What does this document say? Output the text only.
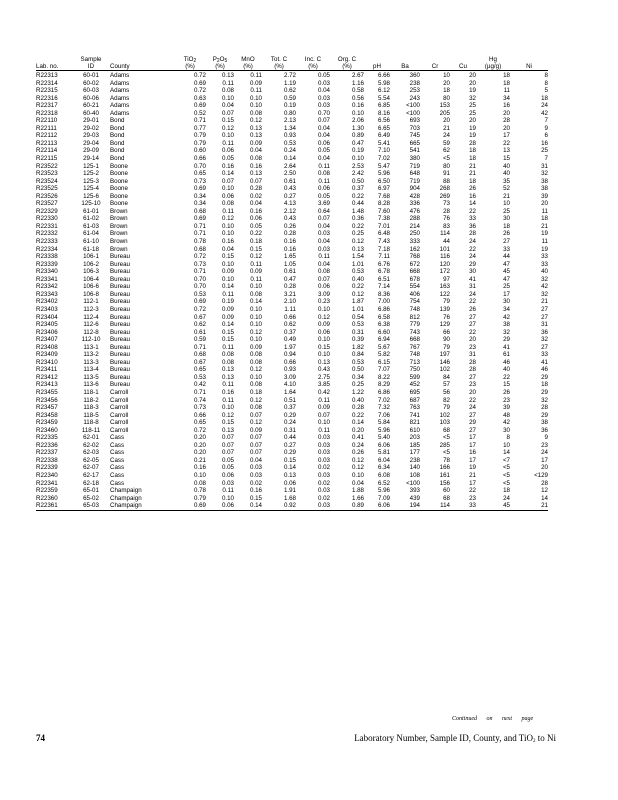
	Sample		TiO$_2$	$P_2O_5$	MnO	Tot. C	Inc. C	Org. C					Hg	
Lab. no.	ID	County	(%)	(%)	(%)	(%)	(%)	(%)	pH	Ba	Cr	Cu	(µg/g)	Ni
R22313	60-01	Adams	0.72	0.13	0.11	2.72	0.05	2.67	6.66	360	10	20	18	8
R22314	60-02	Adams	0.69	0.11	0.09	1.19	0.03	1.16	5.98	238	20	20	18	8
R22315	60-03	Adams	0.72	0.08	0.11	0.62	0.04	0.58	6.12	253	18	19	11	5
R22316	60-06	Adams	0.63	0.10	0.10	0.59	0.03	0.56	5.54	243	80	32	34	18
R22317	60-21	Adams	0.69	0.04	0.10	0.19	0.03	0.16	6.85	<100	153	25	16	24
R22318	60-40	Adams	0.52	0.07	0.08	0.80	0.70	0.10	8.16	<100	205	25	20	42
R22110	29-01	Bond	0.71	0.15	0.12	2.13	0.07	2.06	6.56	693	20	20	28	7
R22111	29-02	Bond	0.77	0.12	0.13	1.34	0.04	1.30	6.65	703	21	19	20	9
R22112	29-03	Bond	0.79	0.10	0.13	0.93	0.04	0.89	6.49	745	24	19	17	6
R22113	29-04	Bond	0.79	0.11	0.09	0.53	0.06	0.47	5.41	665	59	28	22	16
R22114	29-09	Bond	0.60	0.06	0.04	0.24	0.05	0.19	7.10	541	62	18	13	25
R22115	29-14	Bond	0.66	0.05	0.08	0.14	0.04	0.10	7.02	380	<5	18	15	7
R23522	125-1	Boone	0.70	0.16	0.16	2.64	0.11	2.53	5.47	719	80	21	40	31
R23523	125-2	Boone	0.65	0.14	0.13	2.50	0.08	2.42	5.96	648	91	21	40	32
R23524	125-3	Boone	0.73	0.07	0.07	0.61	0.11	0.50	6.50	719	88	18	35	38
R23525	125-4	Boone	0.69	0.10	0.28	0.43	0.06	0.37	6.97	904	268	26	52	38
R23526	125-6	Boone	0.34	0.06	0.02	0.27	0.05	0.22	7.68	428	269	16	21	39
R23527	125-10	Boone	0.34	0.08	0.04	4.13	3.69	0.44	8.28	336	73	14	10	20
R22329	61-01	Brown	0.68	0.11	0.16	2.12	0.64	1.48	7.60	476	28	22	25	11
R22330	61-02	Brown	0.69	0.12	0.06	0.43	0.07	0.36	7.38	288	76	33	30	18
R22331	61-03	Brown	0.71	0.10	0.05	0.26	0.04	0.22	7.01	214	83	36	18	21
R22332	61-04	Brown	0.71	0.10	0.22	0.28	0.03	0.25	6.48	250	114	28	26	19
R22333	61-10	Brown	0.78	0.16	0.18	0.16	0.04	0.12	7.43	333	44	24	27	11
R22334	61-18	Brown	0.68	0.04	0.15	0.16	0.03	0.13	7.18	162	101	22	33	19
R23338	106-1	Bureau	0.72	0.15	0.12	1.65	0.11	1.54	7.11	768	116	24	44	33
R23339	106-2	Bureau	0.73	0.10	0.11	1.05	0.04	1.01	6.76	672	120	29	47	33
R23340	106-3	Bureau	0.71	0.09	0.09	0.61	0.08	0.53	6.78	668	172	30	45	40
R23341	106-4	Bureau	0.70	0.10	0.11	0.47	0.07	0.40	6.51	678	97	41	47	32
R23342	106-6	Bureau	0.70	0.14	0.10	0.28	0.06	0.22	7.14	554	163	31	25	42
R23343	106-8	Bureau	0.53	0.11	0.08	3.21	3.09	0.12	8.36	406	122	24	17	32
R23402	112-1	Bureau	0.69	0.19	0.14	2.10	0.23	1.87	7.00	754	79	22	30	21
R23403	112-3	Bureau	0.72	0.09	0.10	1.11	0.10	1.01	6.86	748	139	26	34	27
R23404	112-4	Bureau	0.67	0.09	0.10	0.66	0.12	0.54	6.58	812	76	27	42	27
R23405	112-6	Bureau	0.62	0.14	0.10	0.62	0.09	0.53	6.38	779	129	27	38	31
R23406	112-8	Bureau	0.61	0.15	0.12	0.37	0.06	0.31	6.60	743	66	22	32	36
R23407	112-10	Bureau	0.59	0.15	0.10	0.49	0.10	0.39	6.94	668	90	20	29	32
R23408	113-1	Bureau	0.71	0.11	0.09	1.97	0.15	1.82	5.67	767	79	23	41	27
R23409	113-2	Bureau	0.68	0.08	0.08	0.94	0.10	0.84	5.82	748	197	31	61	33
R23410	113-3	Bureau	0.67	0.08	0.08	0.66	0.13	0.53	6.15	713	146	28	46	41
R23411	113-4	Bureau	0.65	0.13	0.12	0.93	0.43	0.50	7.07	750	102	28	40	46
R23412	113-5	Bureau	0.53	0.13	0.10	3.09	2.75	0.34	8.22	599	84	27	22	29
R23413	113-6	Bureau	0.42	0.11	0.08	4.10	3.85	0.25	8.29	452	57	23	15	18
R23455	118-1	Carroll	0.71	0.16	0.18	1.64	0.42	1.22	6.86	695	56	20	26	29
R23456	118-2	Carroll	0.74	0.11	0.12	0.51	0.11	0.40	7.02	687	82	22	23	32
R23457	118-3	Carroll	0.73	0.10	0.08	0.37	0.09	0.28	7.32	763	79	24	39	28
R23458	118-5	Carroll	0.66	0.12	0.07	0.29	0.07	0.22	7.06	741	102	27	48	29
R23459	118-8	Carroll	0.65	0.15	0.12	0.24	0.10	0.14	5.84	821	103	29	42	38
R23460	118-11	Carroll	0.72	0.13	0.09	0.31	0.11	0.20	5.96	610	68	27	30	36
R22335	62-01	Cass	0.20	0.07	0.07	0.44	0.03	0.41	5.40	203	<5	17	8	9
R22336	62-02	Cass	0.20	0.07	0.07	0.27	0.03	0.24	6.06	185	285	17	10	23
R22337	62-03	Cass	0.20	0.07	0.07	0.29	0.03	0.26	5.81	177	<5	16	14	24
R22338	62-05	Cass	0.21	0.05	0.04	0.15	0.03	0.12	6.04	238	78	17	<7	17
R22339	62-07	Cass	0.16	0.05	0.03	0.14	0.02	0.12	6.34	140	166	19	<5	20
R22340	62-17	Cass	0.10	0.06	0.03	0.13	0.03	0.10	6.08	108	161	21	<5	<129
R22341	62-18	Cass	0.08	0.03	0.02	0.06	0.02	0.04	6.52	<100	156	17	<5	28
R22359	65-01	Champaign	0.78	0.11	0.16	1.91	0.03	1.88	5.96	393	60	22	18	12
R22360	65-02	Champaign	0.79	0.10	0.15	1.68	0.02	1.66	7.09	439	68	23	24	14
R22361	65-03	Champaign	0.69	0.06	0.14	0.92	0.03	0.89	6.06	194	114	33	45	21
Continued on next page
74	Laboratory Number, Sample ID, County, and TiO$_2$ to Ni
